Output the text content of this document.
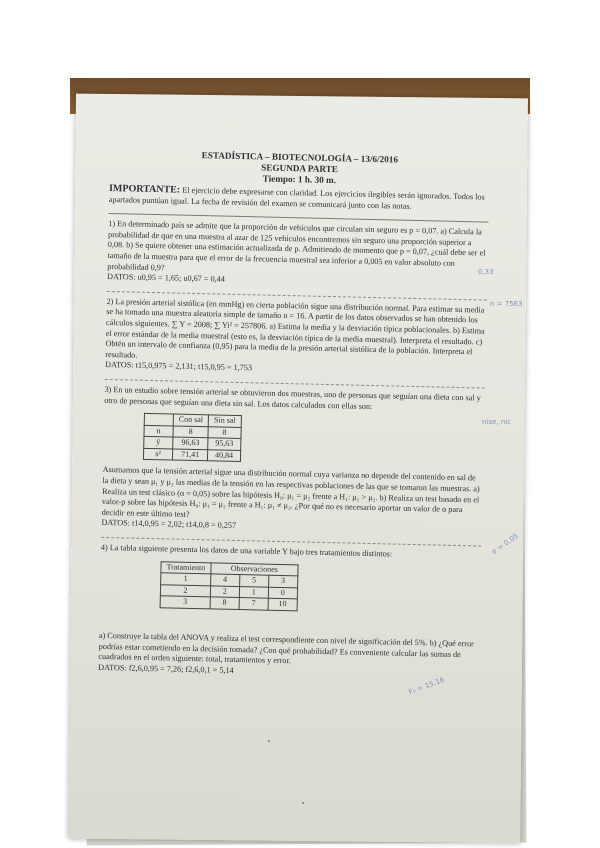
ESTADÍSTICA – BIOTECNOLOGÍA – 13/6/2016
SEGUNDA PARTE
Tiempo: 1 h. 30 m.

IMPORTANTE: El ejercicio debe expresarse con claridad. Los ejercicios ilegibles serán ignorados. Todos los apartados puntúan igual. La fecha de revisión del examen se comunicará junto con las notas.

1) En determinado país se admite que la proporción de vehículos que circulan sin seguro es p = 0,07. a) Calcula la probabilidad de que en una muestra al azar de 125 vehículos encontremos sin seguro una proporción superior a 0,08. b) Se quiere obtener una estimación actualizada de p. Admitiendo de momento que p = 0,07, ¿cuál debe ser el tamaño de la muestra para que el error de la frecuencia muestral sea inferior a 0,005 en valor absoluto con probabilidad 0,9?

DATOS: u0,95 = 1,65; u0,67 = 0,44

2) La presión arterial sistólica (en mmHg) en cierta población sigue una distribución normal. Para estimar su media se ha tomado una muestra aleatoria simple de tamaño n = 16. A partir de los datos observados se han obtenido los cálculos siguientes. ∑ Y = 2008; ∑ Yi² = 257806. a) Estima la media y la desviación típica poblacionales. b) Estima el error estándar de la media muestral (esto es, la desviación típica de la media muestral). Interpreta el resultado. c) Obtén un intervalo de confianza (0,95) para la media de la presión arterial sistólica de la población. Interpreta el resultado.

DATOS: t15,0,975 = 2,131; t15,0,95 = 1,753

3) En un estudio sobre tensión arterial se obtuvieron dos muestras, uno de personas que seguían una dieta con sal y otro de personas que seguían una dieta sin sal. Los datos calculados con ellas son:

	Con sal	Sin sal
n	8	8
ȳ	96,63	95,63
s²	71,41	40,84

Asumamos que la tensión arterial sigue una distribución normal cuya varianza no depende del contenido en sal de la dieta y sean μ₁ y μ₂ las medias de la tensión en las respectivas poblaciones de las que se tomaron las muestras. a) Realiza un test clásico (α = 0,05) sobre las hipótesis H₀: μ₁ = μ₂ frente a H₁: μ₁ > μ₂. b) Realiza un test basado en el valor-p sobre las hipótesis H₀: μ₁ = μ₂ frente a H₁: μ₁ ≠ μ₂. ¿Por qué no es necesario aportar un valor de α para decidir en este último test?

DATOS: t14,0,95 = 2,02; t14,0,8 = 0,257

4) La tabla siguiente presenta los datos de una variable Y bajo tres tratamientos distintos:

Tratamiento	Observaciones		
1	4	5	3
2	2	1	0
3	8	7	10

a) Construye la tabla del ANOVA y realiza el test correspondiente con nivel de significación del 5%. b) ¿Qué error podrías estar cometiendo en la decisión tomada? ¿Con qué probabilidad? Es conveniente calcular las sumas de cuadrados en el orden siguiente: total, tratamientos y error.

DATOS: f2,6,0,95 = 7,26; f2,6,0,1 = 5,14

0,33
n = 7563
nise, nic
e = 0,05
F₀ = 15,16
